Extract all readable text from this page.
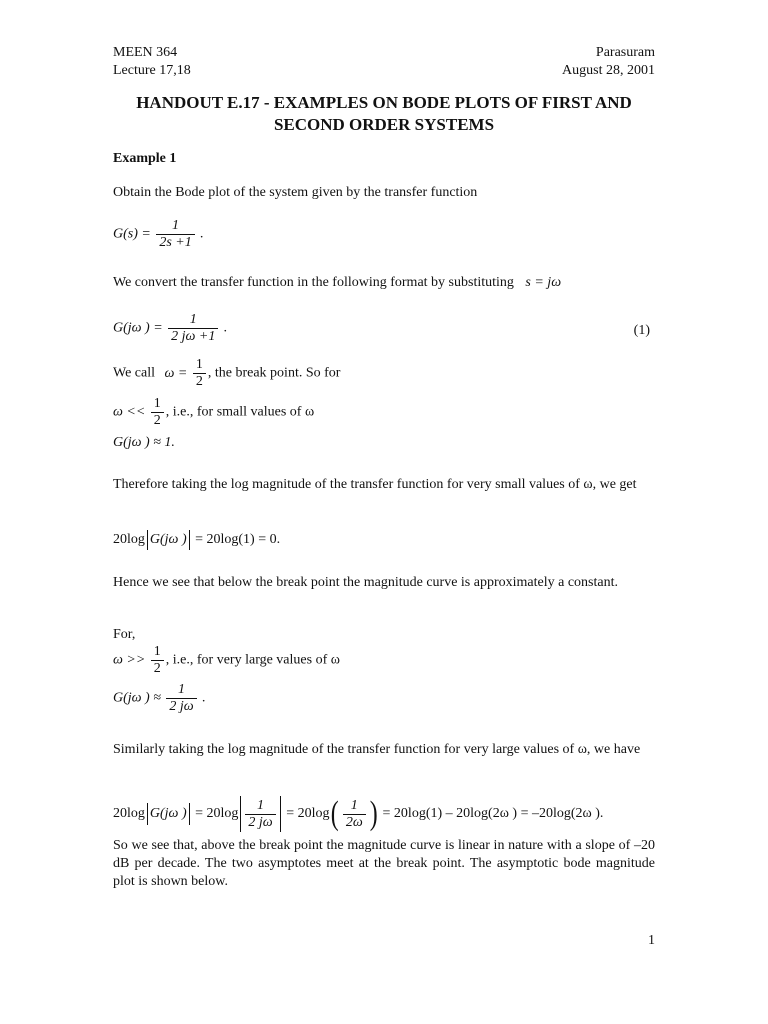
MEEN 364	Parasuram
Lecture 17,18	August 28, 2001
HANDOUT E.17 - EXAMPLES ON BODE PLOTS OF FIRST AND
SECOND ORDER SYSTEMS
Example 1
Obtain the Bode plot of the system given by the transfer function
$G(s) = \frac{1}{2s +1}$ .
We convert the transfer function in the following format by substituting s = jω
G(jω ) = $\frac{1}{2 j\omega +1}$ .	(1)
We call $\omega = \frac{1}{2}$ , the break point. So for
$\omega << \frac{1}{2}$ , i.e., for small values of ω
G(jω ) ≈ 1.
Therefore taking the log magnitude of the transfer function for very small values of ω, we get
20log G(jω ) = 20log(1) = 0.
Hence we see that below the break point the magnitude curve is approximately a constant.
For,
$\omega >> \frac{1}{2}$ , i.e., for very large values of ω
G(jω ) ≈ $\frac{1}{2 j\omega}$ .
Similarly taking the log magnitude of the transfer function for very large values of ω, we have
20log G(jω ) = $20\log \frac{1}{2 j\omega} = 20\log( \frac{1}{2\omega}$ ) = 20log(1) – 20log(2ω ) = –20log(2ω ).
So we see that, above the break point the magnitude curve is linear in nature with a slope of –20 dB per decade. The two asymptotes meet at the break point. The asymptotic bode magnitude plot is shown below.
1
